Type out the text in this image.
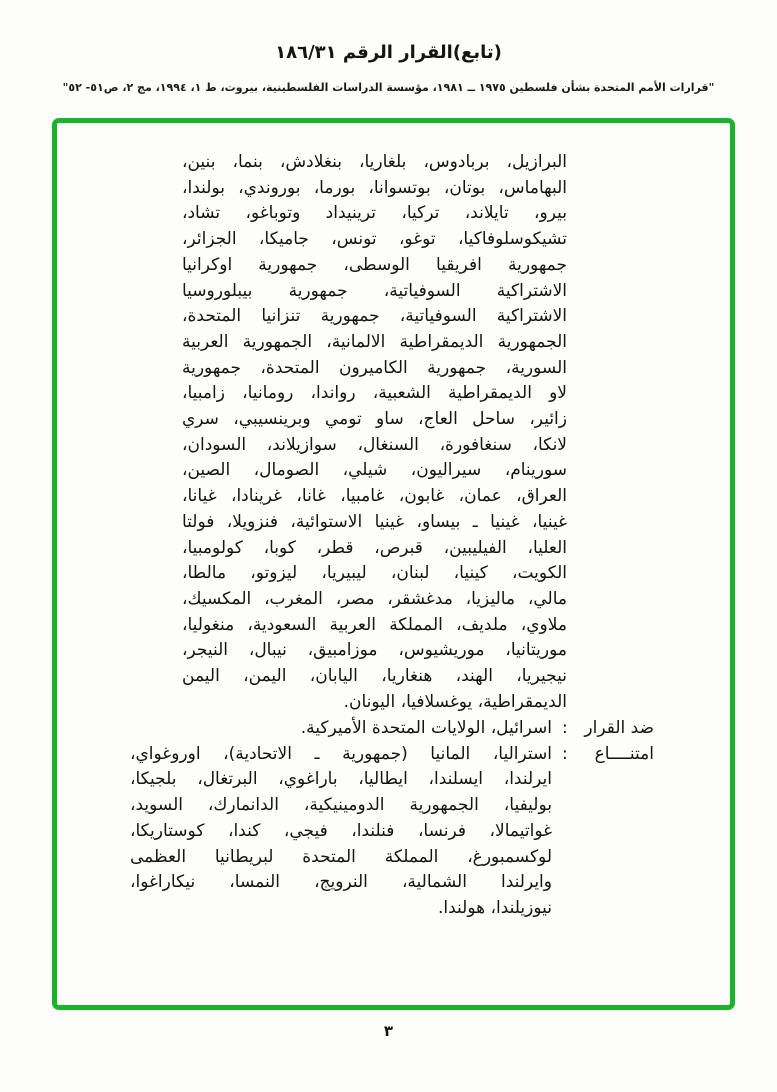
(تابع)القرار الرقم ١٨٦/٣١
"قرارات الأمم المتحدة بشأن فلسطين ١٩٧٥ ــ ١٩٨١، مؤسسة الدراسات الفلسطينية، بيروت، ط ١، ١٩٩٤، مج ٢، ص٥١- ٥٢"
البرازيل، بربادوس، بلغاريا، بنغلادش، بنما، بنين،
البهاماس، بوتان، بوتسوانا، بورما، بوروندي، بولندا،
بيرو، تايلاند، تركيا، ترينيداد وتوباغو، تشاد،
تشيكوسلوفاكيا، توغو، تونس، جاميكا، الجزائر،
جمهورية افريقيا الوسطى، جمهورية اوكرانيا
الاشتراكية السوفياتية، جمهورية بيبلوروسيا
الاشتراكية السوفياتية، جمهورية تنزانيا المتحدة،
الجمهورية الديمقراطية الالمانية، الجمهورية العربية
السورية، جمهورية الكاميرون المتحدة، جمهورية
لاو الديمقراطية الشعبية، رواندا، رومانيا، زامبيا،
زائير، ساحل العاج، ساو تومي وبرينسيبي، سري
لانكا، سنغافورة، السنغال، سوازيلاند، السودان،
سورينام، سيراليون، شيلي، الصومال، الصين،
العراق، عمان، غابون، غامبيا، غانا، غرينادا، غيانا،
غينيا، غينيا ـ بيساو، غينيا الاستوائية، فنزويلا، فولتا
العليا، الفيليبين، قبرص، قطر، كوبا، كولومبيا،
الكويت، كينيا، لبنان، ليبيريا، ليزوتو، مالطا،
مالي، ماليزيا، مدغشقر، مصر، المغرب، المكسيك،
ملاوي، ملديف، المملكة العربية السعودية، منغوليا،
موريتانيا، موريشيوس، موزامبيق، نيبال، النيجر،
نيجيريا، الهند، هنغاريا، اليابان، اليمن، اليمن
الديمقراطية، يوغسلافيا، اليونان.
ضد القرار
:
اسرائيل، الولايات المتحدة الأميركية.
امتنــــاع
:
استراليا، المانيا (جمهورية ـ الاتحادية)، اوروغواي،
ايرلندا، ايسلندا، ايطاليا، باراغوي، البرتغال، بلجيكا،
بوليفيا، الجمهورية الدومينيكية، الدانمارك، السويد،
غواتيمالا، فرنسا، فنلندا، فيجي، كندا، كوستاريكا،
لوكسمبورغ، المملكة المتحدة لبريطانيا العظمى
وايرلندا الشمالية، النرويج، النمسا، نيكاراغوا،
نيوزيلندا، هولندا.
٣
